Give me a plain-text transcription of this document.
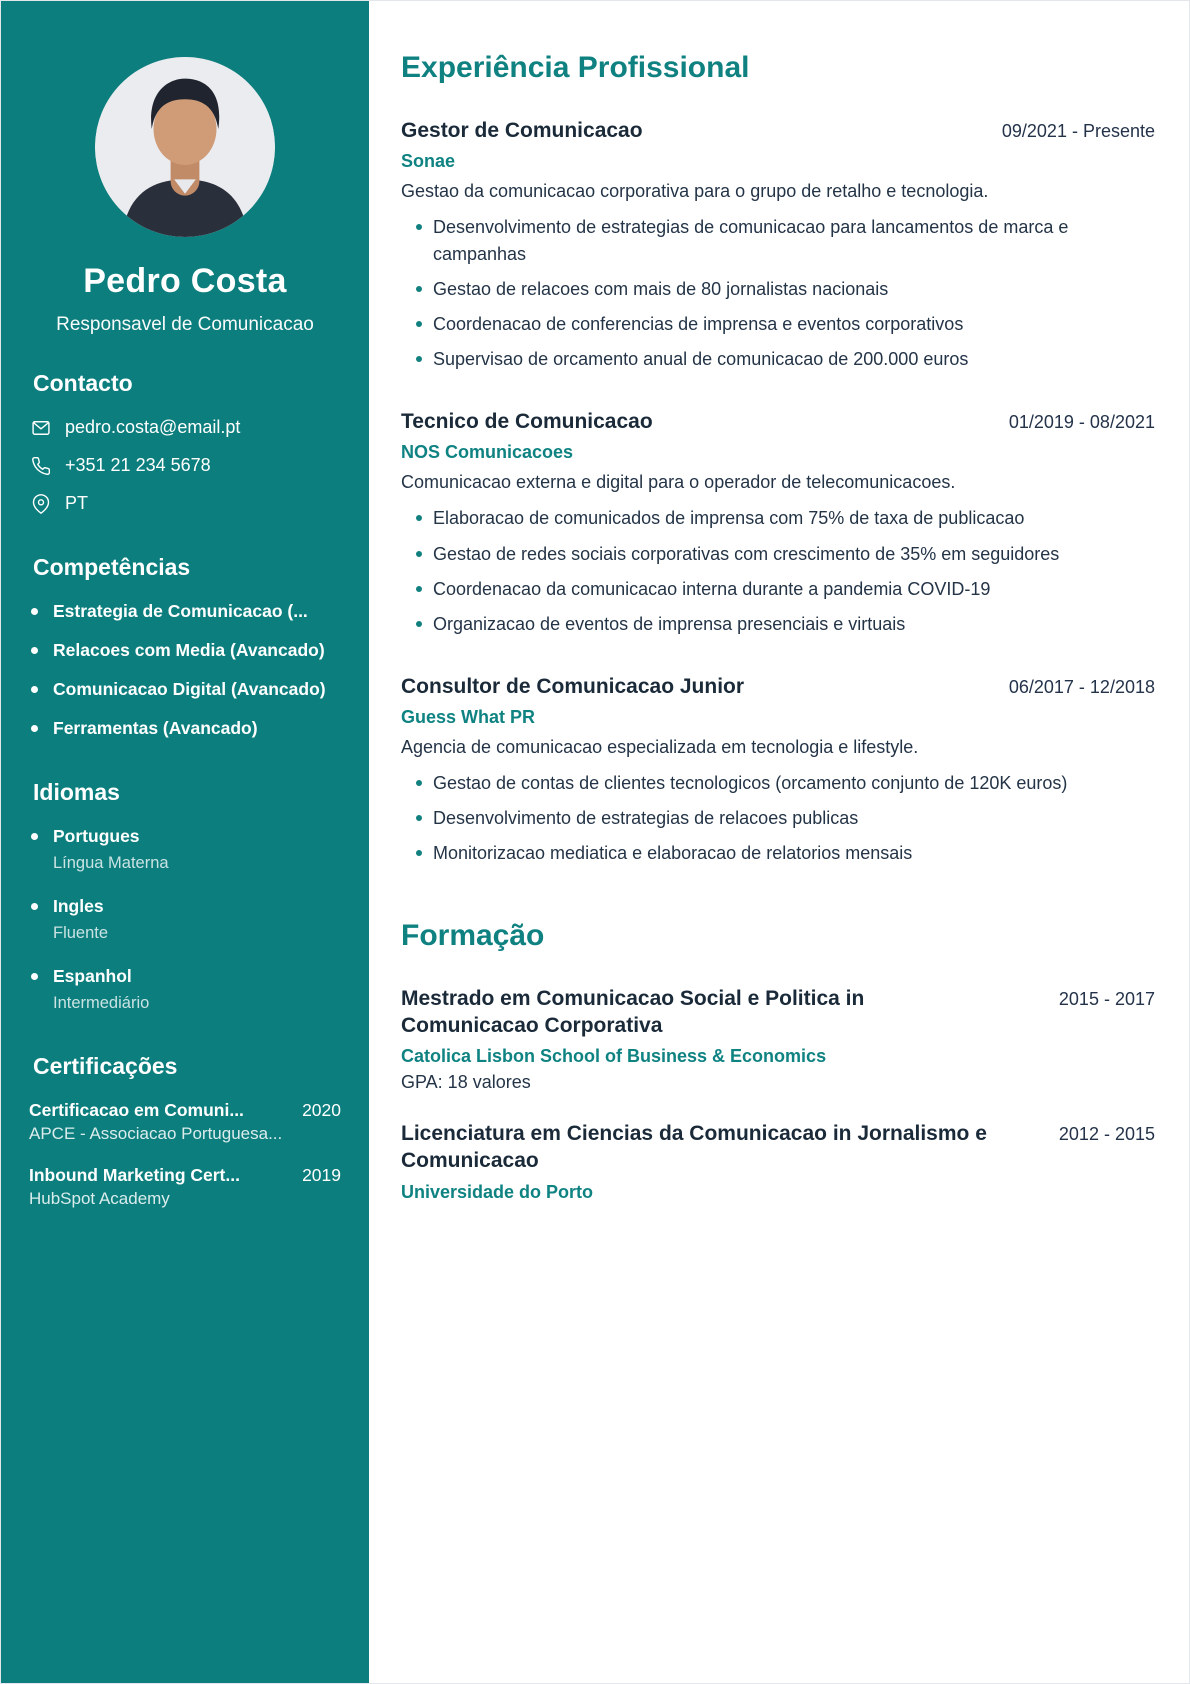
Pedro Costa
Responsavel de Comunicacao
Contacto
pedro.costa@email.pt
+351 21 234 5678
PT
Competências
Estrategia de Comunicacao (...
Relacoes com Media (Avancado)
Comunicacao Digital (Avancado)
Ferramentas (Avancado)
Idiomas
Portugues
Língua Materna
Ingles
Fluente
Espanhol
Intermediário
Certificações
Certificacao em Comuni...	2020
APCE - Associacao Portuguesa...
Inbound Marketing Cert...	2019
HubSpot Academy
Experiência Profissional
Gestor de Comunicacao	09/2021 - Presente
Sonae

Gestao da comunicacao corporativa para o grupo de retalho e tecnologia.

Desenvolvimento de estrategias de comunicacao para lancamentos de marca e campanhas
Gestao de relacoes com mais de 80 jornalistas nacionais
Coordenacao de conferencias de imprensa e eventos corporativos
Supervisao de orcamento anual de comunicacao de 200.000 euros
Tecnico de Comunicacao	01/2019 - 08/2021
NOS Comunicacoes

Comunicacao externa e digital para o operador de telecomunicacoes.

Elaboracao de comunicados de imprensa com 75% de taxa de publicacao
Gestao de redes sociais corporativas com crescimento de 35% em seguidores
Coordenacao da comunicacao interna durante a pandemia COVID-19
Organizacao de eventos de imprensa presenciais e virtuais
Consultor de Comunicacao Junior	06/2017 - 12/2018
Guess What PR

Agencia de comunicacao especializada em tecnologia e lifestyle.

Gestao de contas de clientes tecnologicos (orcamento conjunto de 120K euros)
Desenvolvimento de estrategias de relacoes publicas
Monitorizacao mediatica e elaboracao de relatorios mensais
Formação
Mestrado em Comunicacao Social e Politica in Comunicacao Corporativa
2015 - 2017
Catolica Lisbon School of Business & Economics
GPA: 18 valores
Licenciatura em Ciencias da Comunicacao in Jornalismo e Comunicacao
2012 - 2015
Universidade do Porto
